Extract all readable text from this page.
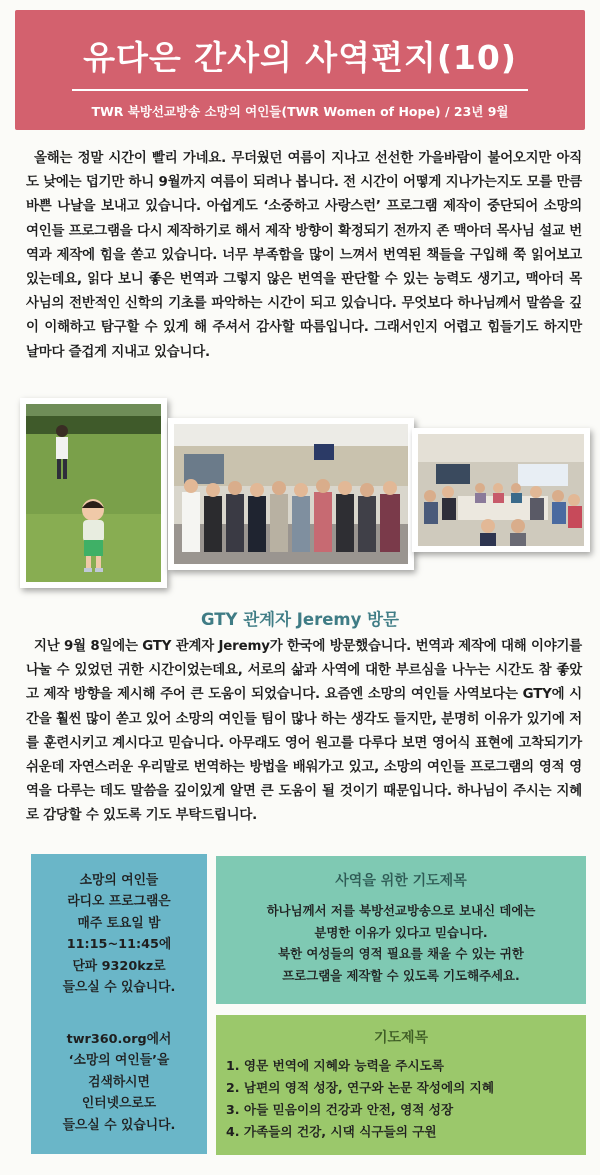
유다은 간사의 사역편지(10)
TWR 북방선교방송 소망의 여인들(TWR Women of Hope) / 23년 9월
올해는 정말 시간이 빨리 가네요. 무더웠던 여름이 지나고 선선한 가을바람이 불어오지만 아직도 낮에는 덥기만 하니 9월까지 여름이 되려나 봅니다. 전 시간이 어떻게 지나가는지도 모를 만큼 바쁜 나날을 보내고 있습니다. 아쉽게도 ‘소중하고 사랑스런’ 프로그램 제작이 중단되어 소망의 여인들 프로그램을 다시 제작하기로 해서 제작 방향이 확정되기 전까지 존 맥아더 목사님 설교 번역과 제작에 힘을 쏟고 있습니다. 너무 부족함을 많이 느껴서 번역된 책들을 구입해 쭉 읽어보고 있는데요, 읽다 보니 좋은 번역과 그렇지 않은 번역을 판단할 수 있는 능력도 생기고, 맥아더 목사님의 전반적인 신학의 기초를 파악하는 시간이 되고 있습니다. 무엇보다 하나님께서 말씀을 깊이 이해하고 탐구할 수 있게 해 주셔서 감사할 따름입니다. 그래서인지 어렵고 힘들기도 하지만 날마다 즐겁게 지내고 있습니다.
GTY 관계자 Jeremy 방문
지난 9월 8일에는 GTY 관계자 Jeremy가 한국에 방문했습니다. 번역과 제작에 대해 이야기를 나눌 수 있었던 귀한 시간이었는데요, 서로의 삶과 사역에 대한 부르심을 나누는 시간도 참 좋았고 제작 방향을 제시해 주어 큰 도움이 되었습니다. 요즘엔 소망의 여인들 사역보다는 GTY에 시간을 훨씬 많이 쏟고 있어 소망의 여인들 팀이 많나 하는 생각도 들지만, 분명히 이유가 있기에 저를 훈련시키고 계시다고 믿습니다. 아무래도 영어 원고를 다루다 보면 영어식 표현에 고착되기가 쉬운데 자연스러운 우리말로 번역하는 방법을 배워가고 있고, 소망의 여인들 프로그램의 영적 영역을 다루는 데도 말씀을 깊이있게 알면 큰 도움이 될 것이기 때문입니다. 하나님이 주시는 지혜로 감당할 수 있도록 기도 부탁드립니다.
소망의 여인들
라디오 프로그램은
매주 토요일 밤
11:15~11:45에
단파 9320kz로
들으실 수 있습니다.
twr360.org에서
‘소망의 여인들’을
검색하시면
인터넷으로도
들으실 수 있습니다.
사역을 위한 기도제목
하나님께서 저를 북방선교방송으로 보내신 데에는
분명한 이유가 있다고 믿습니다.
북한 여성들의 영적 필요를 채울 수 있는 귀한
프로그램을 제작할 수 있도록 기도해주세요.
기도제목
1. 영문 번역에 지혜와 능력을 주시도록
2. 남편의 영적 성장, 연구와 논문 작성에의 지혜
3. 아들 믿음이의 건강과 안전, 영적 성장
4. 가족들의 건강, 시댁 식구들의 구원
